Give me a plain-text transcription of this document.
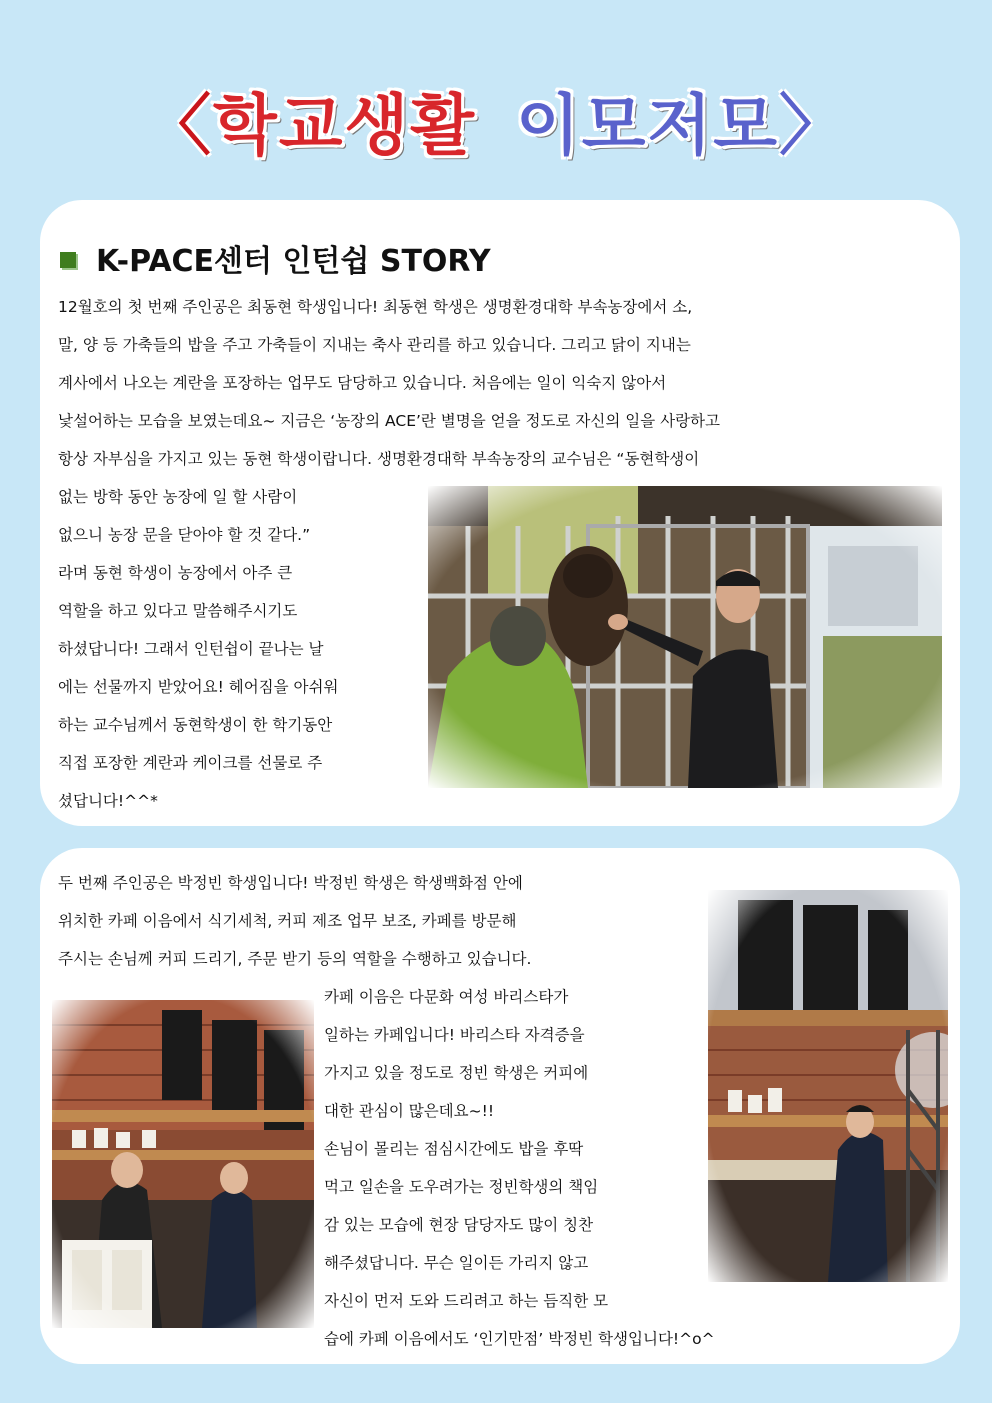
〈학교생활 이모저모〉
K-PACE센터 인턴쉽 STORY
12월호의 첫 번째 주인공은 최동현 학생입니다! 최동현 학생은 생명환경대학 부속농장에서 소,
말, 양 등 가축들의 밥을 주고 가축들이 지내는 축사 관리를 하고 있습니다. 그리고 닭이 지내는
계사에서 나오는 계란을 포장하는 업무도 담당하고 있습니다. 처음에는 일이 익숙지 않아서
낯설어하는 모습을 보였는데요~ 지금은 ‘농장의 ACE’란 별명을 얻을 정도로 자신의 일을 사랑하고
항상 자부심을 가지고 있는 동현 학생이랍니다. 생명환경대학 부속농장의 교수님은 “동현학생이
없는 방학 동안 농장에 일 할 사람이
없으니 농장 문을 닫아야 할 것 같다.”
라며 동현 학생이 농장에서 아주 큰
역할을 하고 있다고 말씀해주시기도
하셨답니다! 그래서 인턴쉽이 끝나는 날
에는 선물까지 받았어요! 헤어짐을 아쉬워
하는 교수님께서 동현학생이 한 학기동안
직접 포장한 계란과 케이크를 선물로 주
셨답니다!^^*
두 번째 주인공은 박정빈 학생입니다! 박정빈 학생은 학생백화점 안에
위치한 카페 이음에서 식기세척, 커피 제조 업무 보조, 카페를 방문해
주시는 손님께 커피 드리기, 주문 받기 등의 역할을 수행하고 있습니다.
카페 이음은 다문화 여성 바리스타가
일하는 카페입니다! 바리스타 자격증을
가지고 있을 정도로 정빈 학생은 커피에
대한 관심이 많은데요~!!
손님이 몰리는 점심시간에도 밥을 후딱
먹고 일손을 도우려가는 정빈학생의 책임
감 있는 모습에 현장 담당자도 많이 칭찬
해주셨답니다. 무슨 일이든 가리지 않고
자신이 먼저 도와 드리려고 하는 듬직한 모
습에 카페 이음에서도 ‘인기만점’ 박정빈 학생입니다!^o^
